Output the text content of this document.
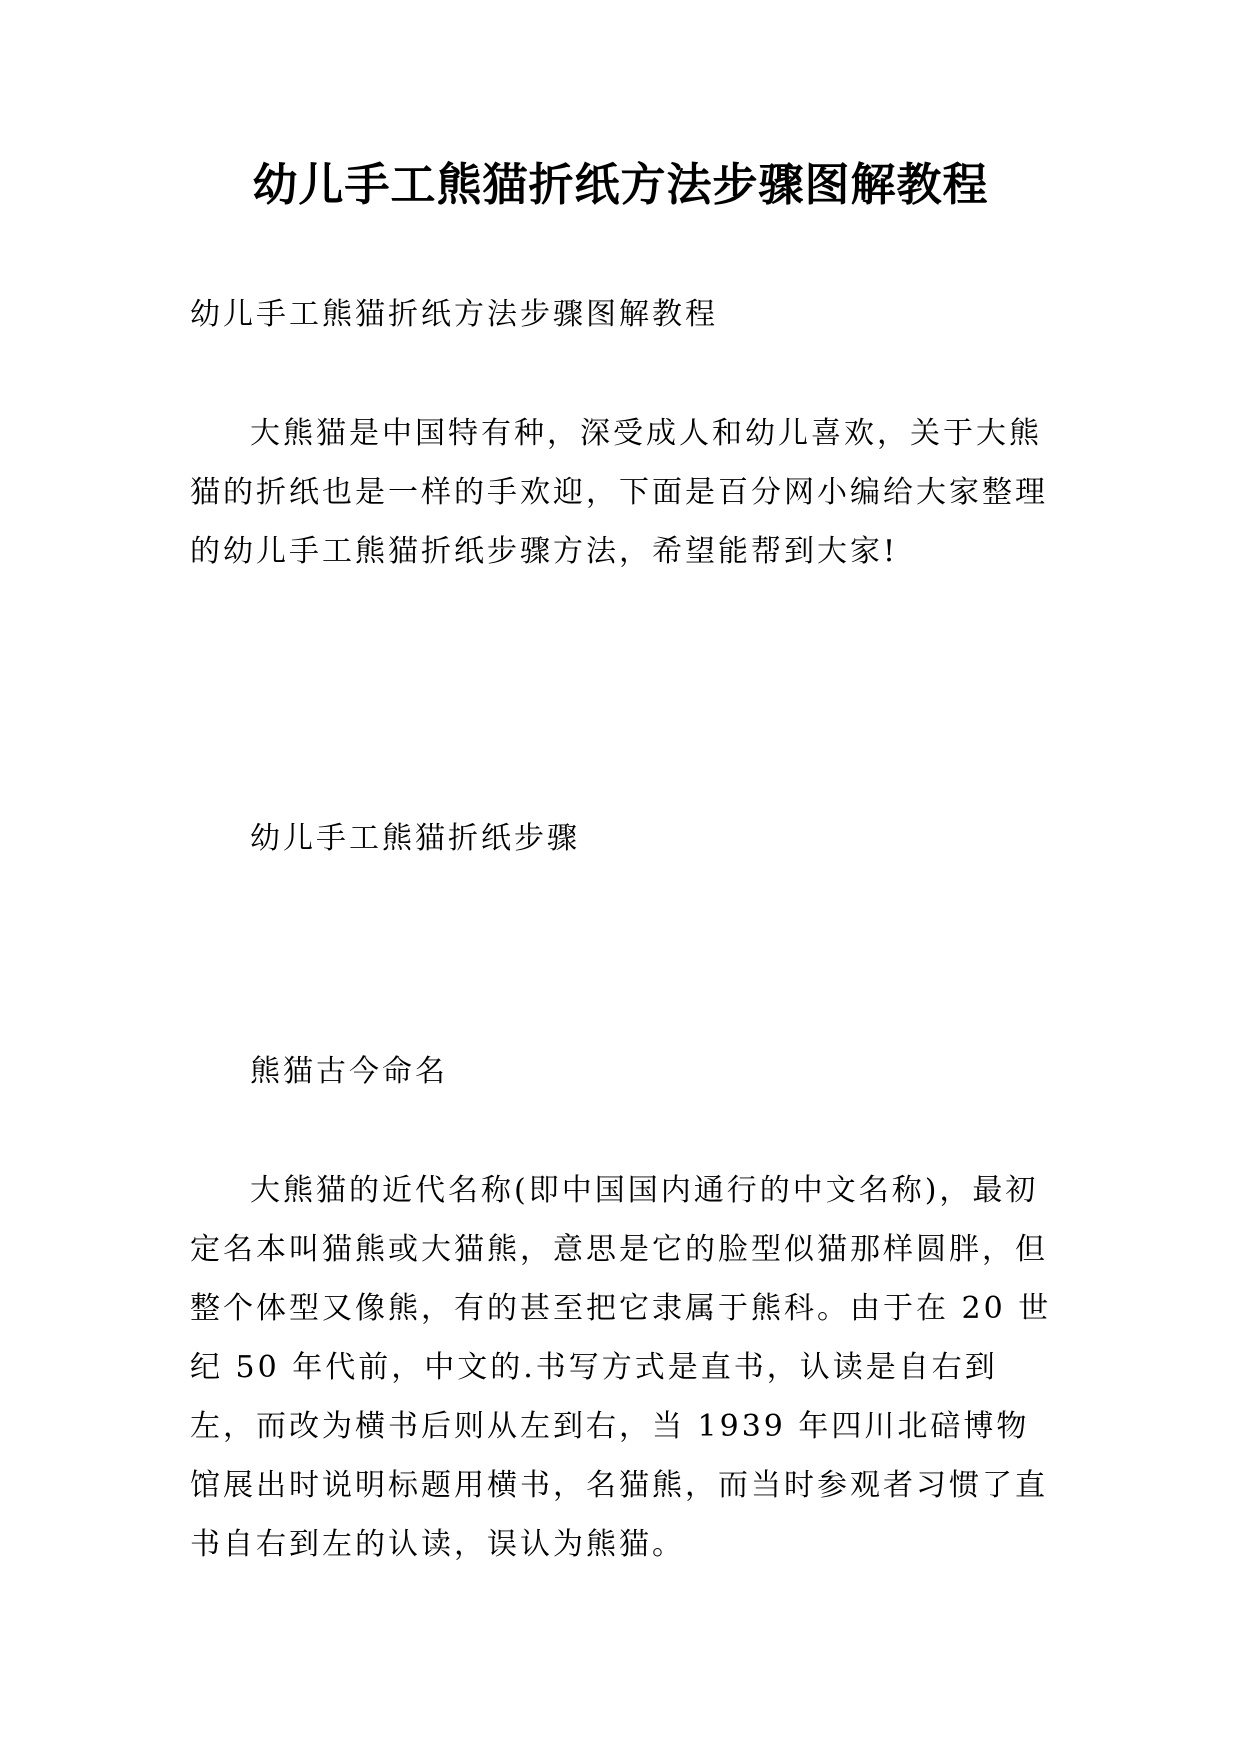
幼儿手工熊猫折纸方法步骤图解教程

幼儿手工熊猫折纸方法步骤图解教程

大熊猫是中国特有种，深受成人和幼儿喜欢，关于大熊猫的折纸也是一样的手欢迎，下面是百分网小编给大家整理的幼儿手工熊猫折纸步骤方法，希望能帮到大家!

幼儿手工熊猫折纸步骤

熊猫古今命名

大熊猫的近代名称(即中国国内通行的中文名称)，最初定名本叫猫熊或大猫熊，意思是它的脸型似猫那样圆胖，但整个体型又像熊，有的甚至把它隶属于熊科。由于在 20 世纪 50 年代前，中文的.书写方式是直书，认读是自右到左，而改为横书后则从左到右，当 1939 年四川北碚博物馆展出时说明标题用横书，名猫熊，而当时参观者习惯了直书自右到左的认读，误认为熊猫。
